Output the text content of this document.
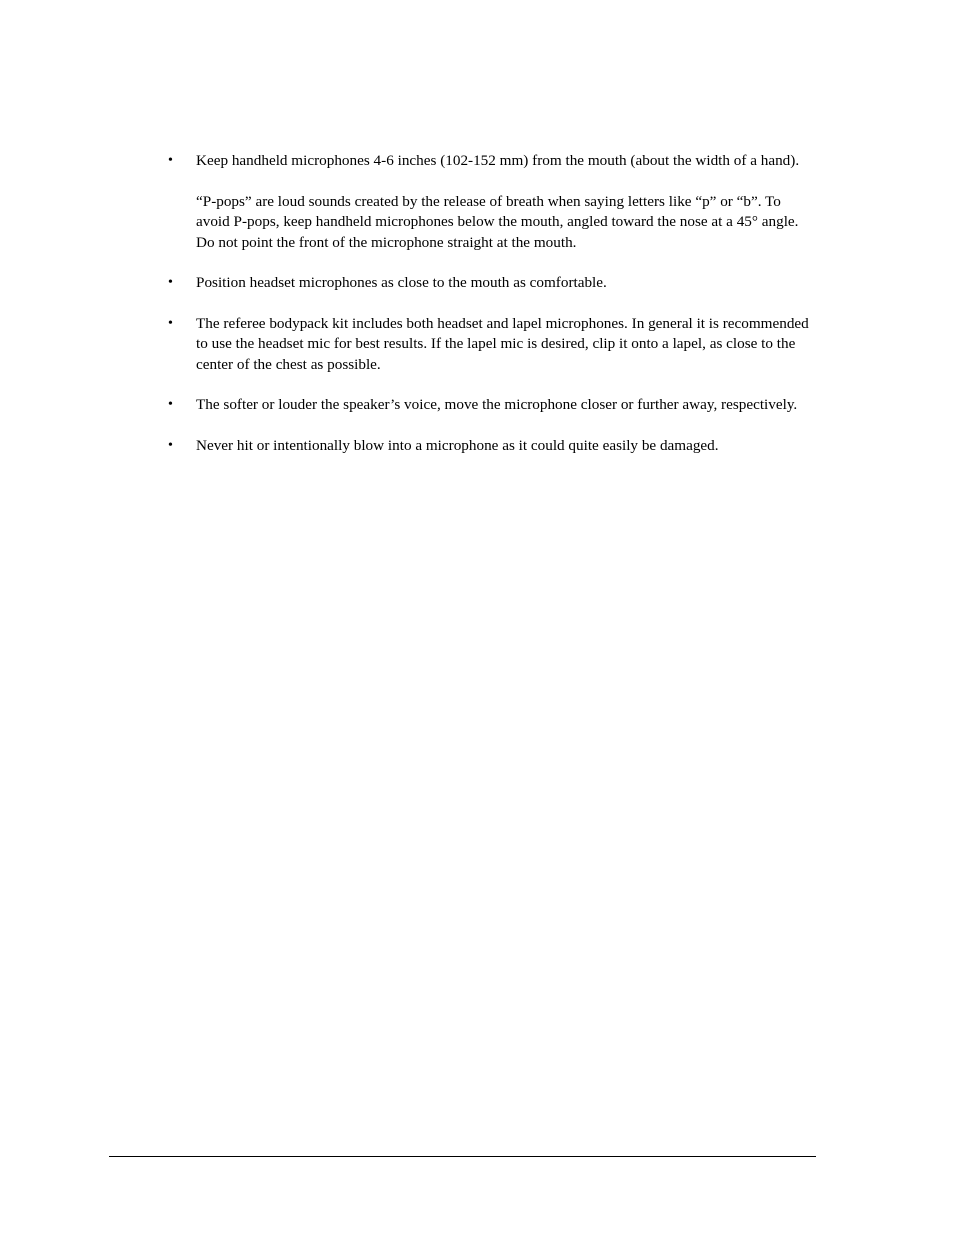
•	Keep handheld microphones 4-6 inches (102-152 mm) from the mouth (about the width of a hand).

“P-pops” are loud sounds created by the release of breath when saying letters like “p” or “b”. To avoid P-pops, keep handheld microphones below the mouth, angled toward the nose at a 45° angle. Do not point the front of the microphone straight at the mouth.

•	Position headset microphones as close to the mouth as comfortable.

•	The referee bodypack kit includes both headset and lapel microphones. In general it is recommended to use the headset mic for best results. If the lapel mic is desired, clip it onto a lapel, as close to the center of the chest as possible.

•	The softer or louder the speaker’s voice, move the microphone closer or further away, respectively.

•	Never hit or intentionally blow into a microphone as it could quite easily be damaged.
